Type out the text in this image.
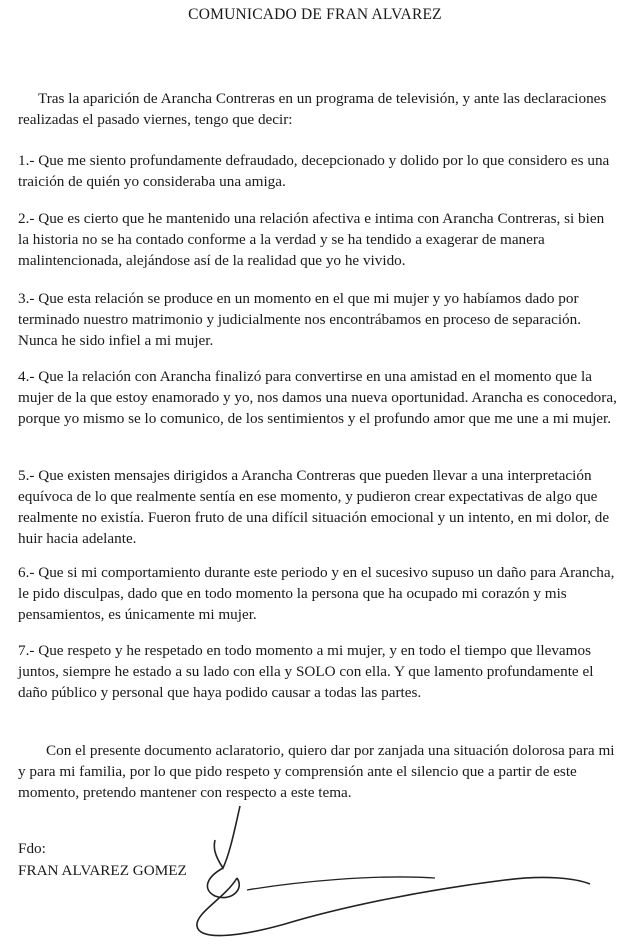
COMUNICADO DE FRAN ALVAREZ

Tras la aparición de Arancha Contreras en un programa de televisión, y ante las declaraciones realizadas el pasado viernes, tengo que decir:

1.- Que me siento profundamente defraudado, decepcionado y dolido por lo que considero es una traición de quién yo consideraba una amiga.

2.- Que es cierto que he mantenido una relación afectiva e intima con Arancha Contreras, si bien la historia no se ha contado conforme a la verdad y se ha tendido a exagerar de manera malintencionada, alejándose así de la realidad que yo he vivido.

3.- Que esta relación se produce en un momento en el que mi mujer y yo habíamos dado por terminado nuestro matrimonio y judicialmente nos encontrábamos en proceso de separación. Nunca he sido infiel a mi mujer.

4.- Que la relación con Arancha finalizó para convertirse en una amistad en el momento que la mujer de la que estoy enamorado y yo, nos damos una nueva oportunidad. Arancha es conocedora, porque yo mismo se lo comunico, de los sentimientos y el profundo amor que me une a mi mujer.

5.- Que existen mensajes dirigidos a Arancha Contreras que pueden llevar a una interpretación equívoca de lo que realmente sentía en ese momento, y pudieron crear expectativas de algo que realmente no existía. Fueron fruto de una difícil situación emocional y un intento, en mi dolor, de huir hacia adelante.

6.- Que si mi comportamiento durante este periodo y en el sucesivo supuso un daño para Arancha, le pido disculpas, dado que en todo momento la persona que ha ocupado mi corazón y mis pensamientos, es únicamente mi mujer.

7.- Que respeto y he respetado en todo momento a mi mujer, y en todo el tiempo que llevamos juntos, siempre he estado a su lado con ella y SOLO con ella. Y que lamento profundamente el daño público y personal que haya podido causar a todas las partes.

Con el presente documento aclaratorio, quiero dar por zanjada una situación dolorosa para mi y para mi familia, por lo que pido respeto y comprensión ante el silencio que a partir de este momento, pretendo mantener con respecto a este tema.

Fdo:
FRAN ALVAREZ GOMEZ
